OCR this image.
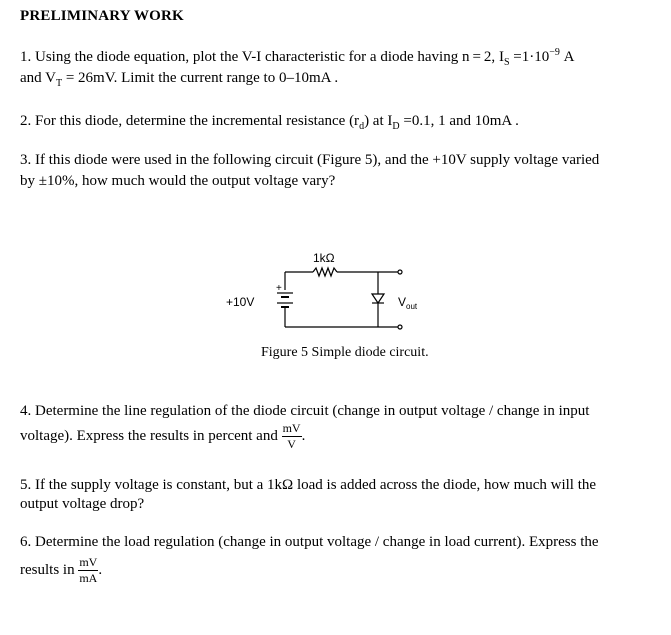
PRELIMINARY WORK
1. Using the diode equation, plot the V-I characteristic for a diode having n = 2, $I_S =1\cdot 10^{-9}$ A
and $V_T = 26mV$. Limit the current range to 0–10mA .
2. For this diode, determine the incremental resistance $(r_d)$ at $I_D =0.1$, 1 and 10mA .
3. If this diode were used in the following circuit (Figure 5), and the +10V supply voltage varied
by ±10%, how much would the output voltage vary?
1kΩ
+10V
+
$V_{out}$
Figure 5 Simple diode circuit.
4. Determine the line regulation of the diode circuit (change in output voltage / change in input
voltage). Express the results in percent and $\frac{mV}{V}$ .
5. If the supply voltage is constant, but a 1kΩ load is added across the diode, how much will the
output voltage drop?
6. Determine the load regulation (change in output voltage / change in load current). Express the
results in $\frac{mV}{mA}$ .
